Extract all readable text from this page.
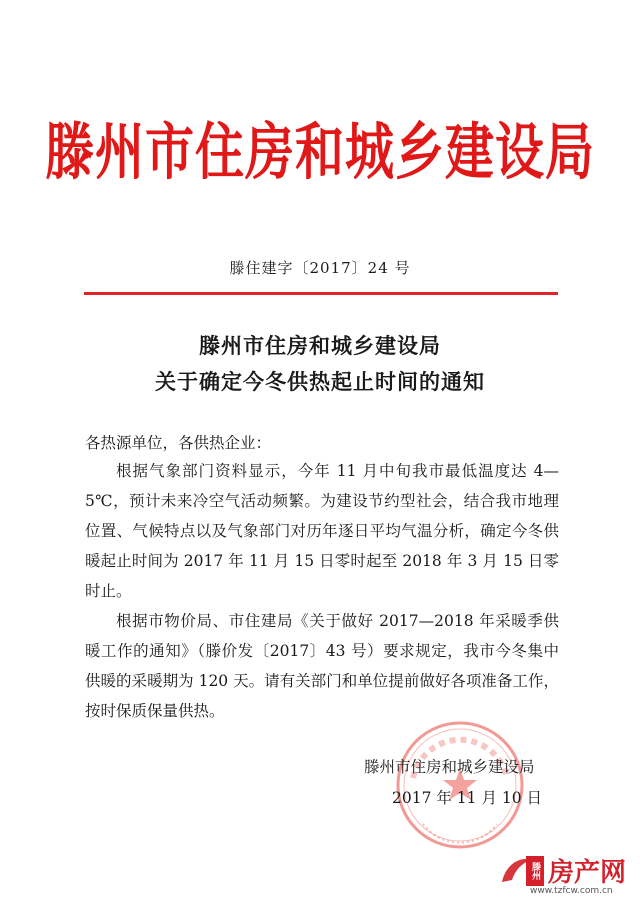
滕州市住房和城乡建设局
滕住建字〔2017〕24 号
滕州市住房和城乡建设局
关于确定今冬供热起止时间的通知
各热源单位，各供热企业：
根据气象部门资料显示，今年 11 月中旬我市最低温度达 4—5℃，预计未来冷空气活动频繁。为建设节约型社会，结合我市地理位置、气候特点以及气象部门对历年逐日平均气温分析，确定今冬供暖起止时间为 2017 年 11 月 15 日零时起至 2018 年 3 月 15 日零时止。
根据市物价局、市住建局《关于做好 2017—2018 年采暖季供暖工作的通知》（滕价发〔2017〕43 号）要求规定，我市今冬集中供暖的采暖期为 120 天。请有关部门和单位提前做好各项准备工作，按时保质保量供热。
滕州市住房和城乡建设局
2017 年 11 月 10 日
滕州 房产网
www.tzfcw.com.cn
